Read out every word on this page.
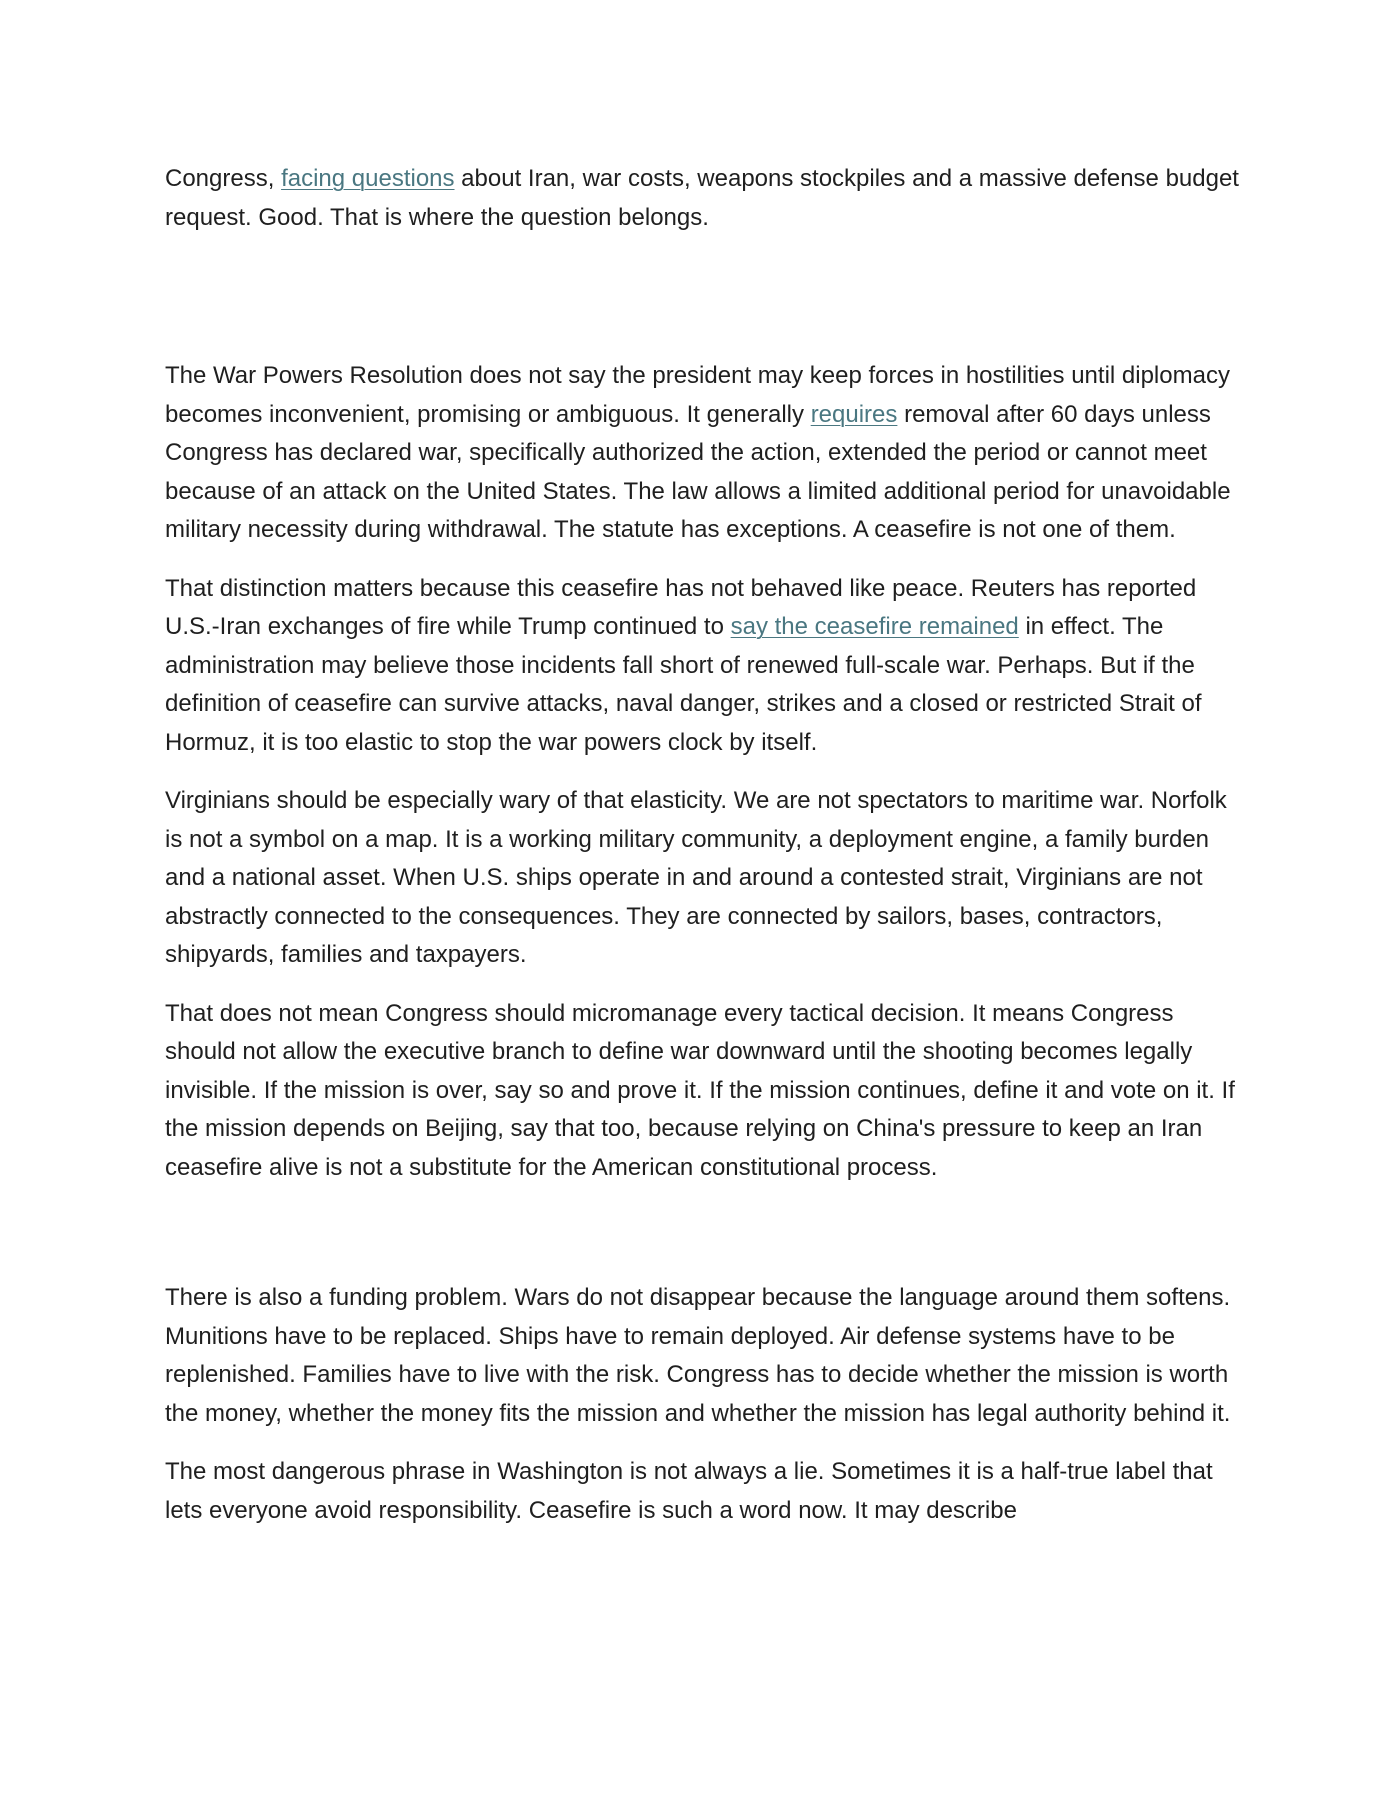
Congress, facing questions about Iran, war costs, weapons stockpiles and a massive defense budget request. Good. That is where the question belongs.

The War Powers Resolution does not say the president may keep forces in hostilities until diplomacy becomes inconvenient, promising or ambiguous. It generally requires removal after 60 days unless Congress has declared war, specifically authorized the action, extended the period or cannot meet because of an attack on the United States. The law allows a limited additional period for unavoidable military necessity during withdrawal. The statute has exceptions. A ceasefire is not one of them.

That distinction matters because this ceasefire has not behaved like peace. Reuters has reported U.S.-Iran exchanges of fire while Trump continued to say the ceasefire remained in effect. The administration may believe those incidents fall short of renewed full-scale war. Perhaps. But if the definition of ceasefire can survive attacks, naval danger, strikes and a closed or restricted Strait of Hormuz, it is too elastic to stop the war powers clock by itself.

Virginians should be especially wary of that elasticity. We are not spectators to maritime war. Norfolk is not a symbol on a map. It is a working military community, a deployment engine, a family burden and a national asset. When U.S. ships operate in and around a contested strait, Virginians are not abstractly connected to the consequences. They are connected by sailors, bases, contractors, shipyards, families and taxpayers.

That does not mean Congress should micromanage every tactical decision. It means Congress should not allow the executive branch to define war downward until the shooting becomes legally invisible. If the mission is over, say so and prove it. If the mission continues, define it and vote on it. If the mission depends on Beijing, say that too, because relying on China's pressure to keep an Iran ceasefire alive is not a substitute for the American constitutional process.

There is also a funding problem. Wars do not disappear because the language around them softens. Munitions have to be replaced. Ships have to remain deployed. Air defense systems have to be replenished. Families have to live with the risk. Congress has to decide whether the mission is worth the money, whether the money fits the mission and whether the mission has legal authority behind it.

The most dangerous phrase in Washington is not always a lie. Sometimes it is a half-true label that lets everyone avoid responsibility. Ceasefire is such a word now. It may describe
